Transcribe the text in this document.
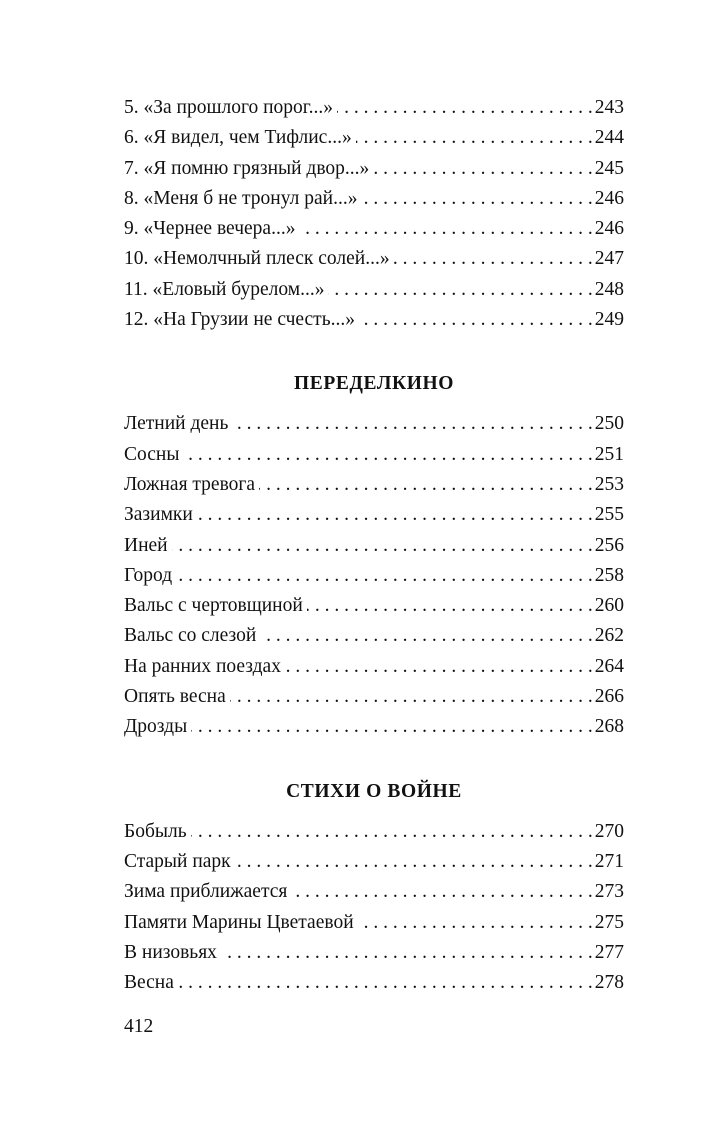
5. «За прошлого порог...» . . .	243
6. «Я видел, чем Тифлис...» . . .	244
7. «Я помню грязный двор...» . . .	245
8. «Меня б не тронул рай...» . . .	246
9. «Чернее вечера...» . . .	246
10. «Немолчный плеск солей...» . . .	247
11. «Еловый бурелом...» . . .	248
12. «На Грузии не счесть...» . . .	249
ПЕРЕДЕЛКИНО
Летний день . . .	250
Сосны . . .	251
Ложная тревога . . .	253
Зазимки . . .	255
Иней . . .	256
Город . . .	258
Вальс с чертовщиной . . .	260
Вальс со слезой . . .	262
На ранних поездах . . .	264
Опять весна . . .	266
Дрозды . . .	268
СТИХИ О ВОЙНЕ
Бобыль . . .	270
Старый парк . . .	271
Зима приближается . . .	273
Памяти Марины Цветаевой . . .	275
В низовьях . . .	277
Весна . . .	278
412
